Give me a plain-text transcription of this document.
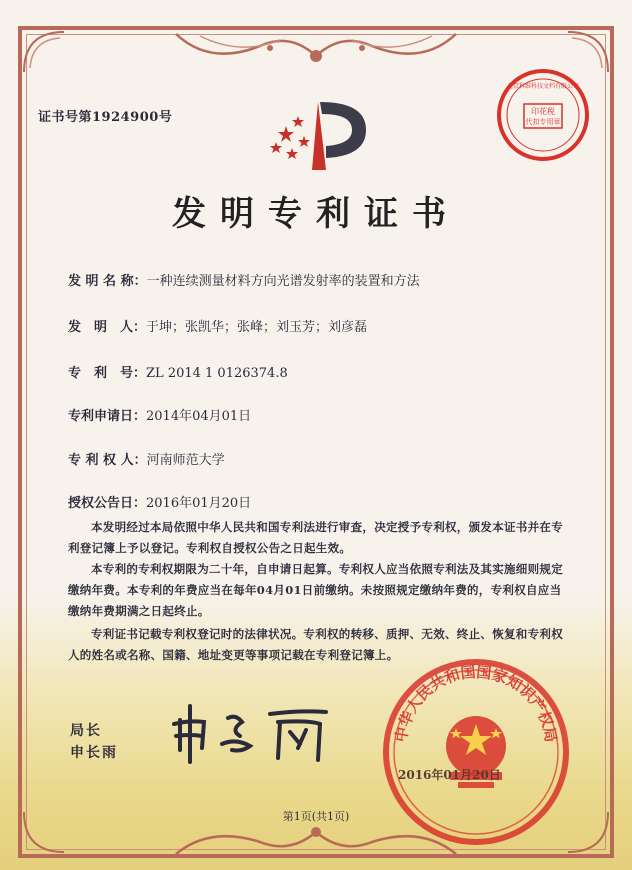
证书号第1924900号	印花税
代扣专用章
北京科维科技文档有限公司
发明专利证书
发 明 名 称：一种连续测量材料方向光谱发射率的装置和方法
发　明　人：于坤；张凯华；张峰；刘玉芳；刘彦磊
专　利　号：ZL 2014 1 0126374.8
专利申请日：2014年04月01日
专 利 权 人：河南师范大学
授权公告日：2016年01月20日

本发明经过本局依照中华人民共和国专利法进行审查，决定授予专利权，颁发本证书并在专利登记簿上予以登记。专利权自授权公告之日起生效。

本专利的专利权期限为二十年，自申请日起算。专利权人应当依照专利法及其实施细则规定缴纳年费。本专利的年费应当在每年04月01日前缴纳。未按照规定缴纳年费的，专利权自应当缴纳年费期满之日起终止。

专利证书记载专利权登记时的法律状况。专利权的转移、质押、无效、终止、恢复和专利权人的姓名或名称、国籍、地址变更等事项记载在专利登记簿上。

局长
申长雨
中华人民共和国国家知识产权局
2016年01月20日
第1页(共1页)
